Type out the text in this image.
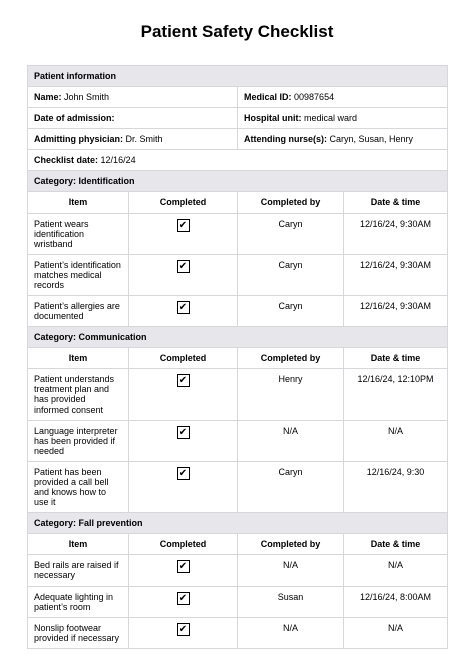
Patient Safety Checklist
Patient information			
Name: John Smith		Medical ID: 00987654	
Date of admission:		Hospital unit: medical ward	
Admitting physician: Dr. Smith		Attending nurse(s): Caryn, Susan, Henry	
Checklist date: 12/16/24			
Category: Identification			
Item	Completed	Completed by	Date & time
Patient wears identification wristband	✔	Caryn	12/16/24, 9:30AM
Patient’s identification matches medical records	✔	Caryn	12/16/24, 9:30AM
Patient’s allergies are documented	✔	Caryn	12/16/24, 9:30AM
Category: Communication			
Item	Completed	Completed by	Date & time
Patient understands treatment plan and has provided informed consent	✔	Henry	12/16/24, 12:10PM
Language interpreter has been provided if needed	✔	N/A	N/A
Patient has been provided a call bell and knows how to use it	✔	Caryn	12/16/24, 9:30
Category: Fall prevention			
Item	Completed	Completed by	Date & time
Bed rails are raised if necessary	✔	N/A	N/A
Adequate lighting in patient’s room	✔	Susan	12/16/24, 8:00AM
Nonslip footwear provided if necessary	✔	N/A	N/A
